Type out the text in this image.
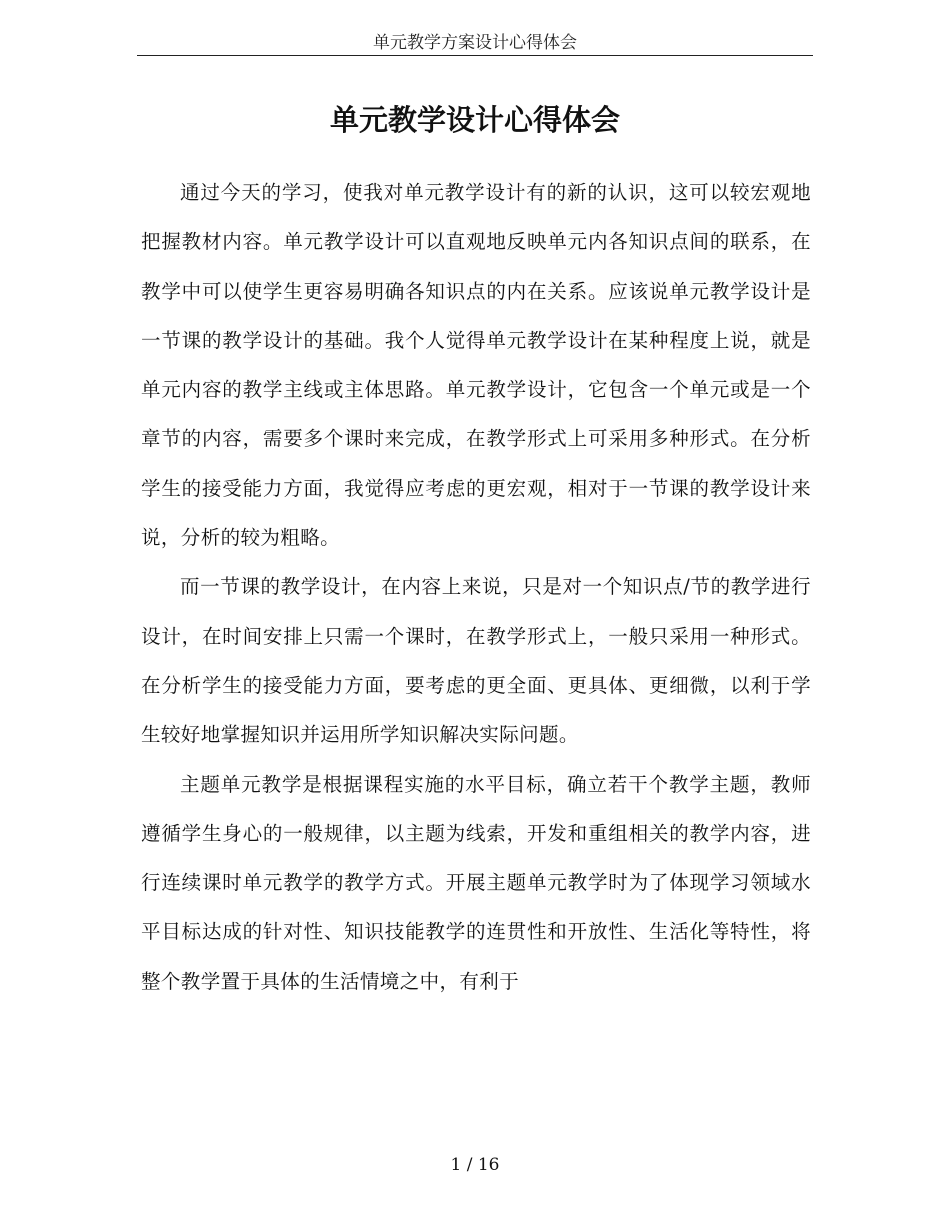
单元教学方案设计心得体会
单元教学设计心得体会

通过今天的学习，使我对单元教学设计有的新的认识，这可以较宏观地把握教材内容。单元教学设计可以直观地反映单元内各知识点间的联系，在教学中可以使学生更容易明确各知识点的内在关系。应该说单元教学设计是一节课的教学设计的基础。我个人觉得单元教学设计在某种程度上说，就是单元内容的教学主线或主体思路。单元教学设计，它包含一个单元或是一个章节的内容，需要多个课时来完成，在教学形式上可采用多种形式。在分析学生的接受能力方面，我觉得应考虑的更宏观，相对于一节课的教学设计来说，分析的较为粗略。

而一节课的教学设计，在内容上来说，只是对一个知识点/节的教学进行设计，在时间安排上只需一个课时，在教学形式上，一般只采用一种形式。在分析学生的接受能力方面，要考虑的更全面、更具体、更细微，以利于学生较好地掌握知识并运用所学知识解决实际问题。

主题单元教学是根据课程实施的水平目标，确立若干个教学主题，教师遵循学生身心的一般规律，以主题为线索，开发和重组相关的教学内容，进行连续课时单元教学的教学方式。开展主题单元教学时为了体现学习领域水平目标达成的针对性、知识技能教学的连贯性和开放性、生活化等特性，将整个教学置于具体的生活情境之中，有利于

1 / 16
